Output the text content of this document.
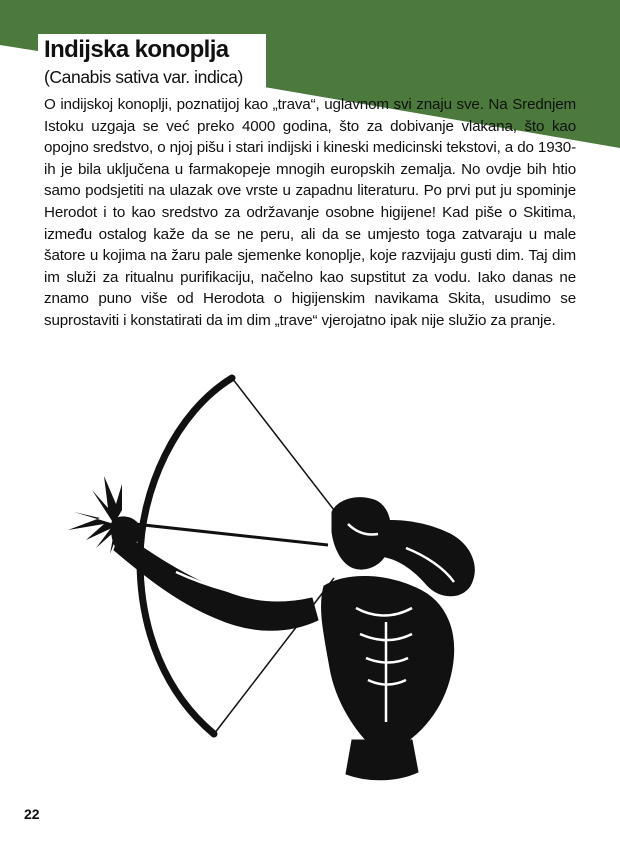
Indijska konoplja
(Canabis sativa var. indica)

O indijskoj konoplji, poznatijoj kao „trava“, uglavnom svi znaju sve. Na Srednjem Istoku uzgaja se već preko 4000 godina, što za dobivanje vlakana, što kao opojno sredstvo, o njoj pišu i stari indijski i kineski medicinski tekstovi, a do 1930-ih je bila uključena u farmakopeje mnogih europskih zemalja. No ovdje bih htio samo podsjetiti na ulazak ove vrste u zapadnu literaturu. Po prvi put ju spominje Herodot i to kao sredstvo za održavanje osobne higijene! Kad piše o Skitima, između ostalog kaže da se ne peru, ali da se umjesto toga zatvaraju u male šatore u kojima na žaru pale sjemenke konoplje, koje razvijaju gusti dim. Taj dim im služi za ritualnu purifikaciju, načelno kao supstitut za vodu. Iako danas ne znamo puno više od Herodota o higijenskim navikama Skita, usudimo se suprostaviti i konstatirati da im dim „trave“ vjerojatno ipak nije služio za pranje.

22
